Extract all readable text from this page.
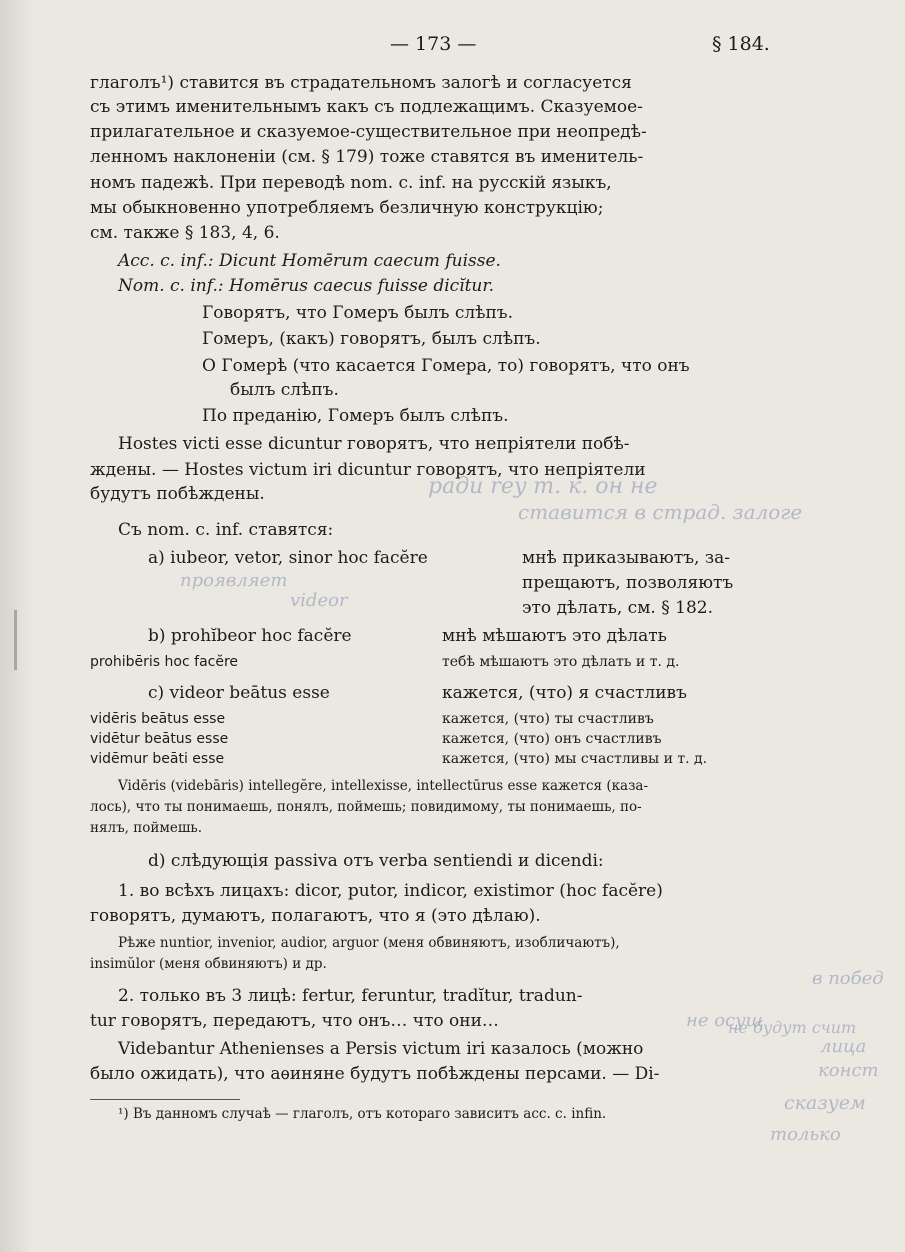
— 173 —	§ 184.
глаголъ¹) ставится въ страдательномъ залогѣ и согласуется
съ этимъ именительнымъ какъ съ подлежащимъ. Сказуемое-
прилагательное и сказуемое-существительное при неопредѣ-
ленномъ наклоненіи (см. § 179) тоже ставятся въ именитель-
номъ падежѣ. При переводѣ nom. c. inf. на русскій языкъ,
мы обыкновенно употребляемъ безличную конструкцію;
см. также § 183, 4, 6.
Acc. c. inf.: Dicunt Homērum caecum fuisse.
Nom. c. inf.: Homērus caecus fuisse dicĭtur.
Говорятъ, что Гомеръ былъ слѣпъ.
Гомеръ, (какъ) говорятъ, былъ слѣпъ.
О Гомерѣ (что касается Гомера, то) говорятъ, что онъ
былъ слѣпъ.
По преданію, Гомеръ былъ слѣпъ.
Hostes victi esse dicuntur говорятъ, что непріятели побѣ-
ждены. — Hostes victum iri dicuntur говорятъ, что непріятели
будутъ побѣждены.
Съ nom. c. inf. ставятся:
a) iubeor, vetor, sinor hoc facĕre	мнѣ приказываютъ, за-
прещаютъ, позволяютъ
это дѣлать, см. § 182.
b) prohĭbeor hoc facĕre	мнѣ мѣшаютъ это дѣлать
prohibēris hoc facĕre	тебѣ мѣшаютъ это дѣлать и т. д.
c) videor beātus esse	кажется, (что) я счастливъ
vidēris beātus esse	кажется, (что) ты счастливъ
vidētur beātus esse	кажется, (что) онъ счастливъ
vidēmur beāti esse	кажется, (что) мы счастливы и т. д.
Vidēris (videbāris) intellegĕre, intellexisse, intellectūrus esse кажется (каза-
лось), что ты понимаешь, понялъ, поймешь; повидимому, ты понимаешь, по-
нялъ, поймешь.
d) слѣдующія passiva отъ verba sentiendi и dicendi:
1. во всѣхъ лицахъ: dicor, putor, indicor, existimor (hoc facĕre)
говорятъ, думаютъ, полагаютъ, что я (это дѣлаю).
Рѣже nuntior, invenior, audior, arguor (меня обвиняютъ, изобличаютъ),
insimŭlor (меня обвиняютъ) и др.
2. только въ 3 лицѣ: fertur, feruntur, tradĭtur, tradun-
tur говорятъ, передаютъ, что онъ… что они…
Videbantur Athenienses a Persis victum iri казалось (можно
было ожидать), что аѳиняне будутъ побѣждены персами. — Di-
¹) Въ данномъ случаѣ — глаголъ, отъ котораго зависитъ acc. c. infin.
ради rey т. к. он не
ставится в страд. залоге
проявляет
videor
не осущ
в побед
не будут счит
лица
конст
сказуем
только
